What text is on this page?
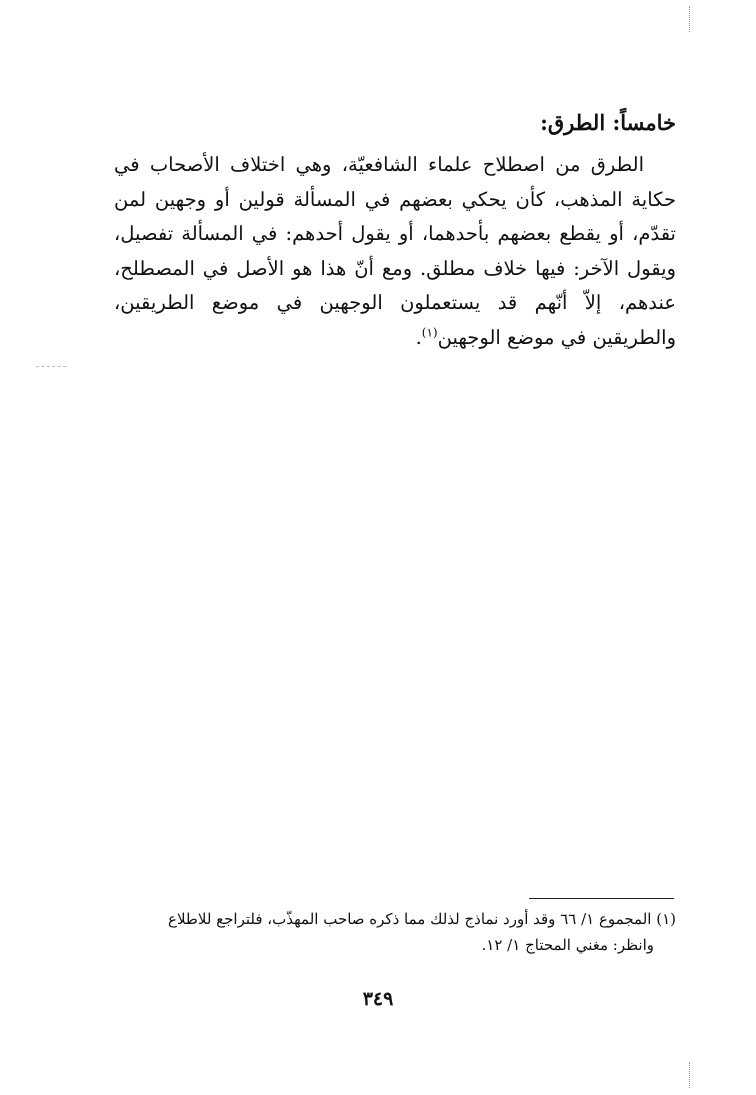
خامساً: الطرق:
الطرق من اصطلاح علماء الشافعيّة، وهي اختلاف الأصحاب في حكاية المذهب، كأن يحكي بعضهم في المسألة قولين أو وجهين لمن تقدّم، أو يقطع بعضهم بأحدهما، أو يقول أحدهم: في المسألة تفصيل، ويقول الآخر: فيها خلاف مطلق. ومع أنّ هذا هو الأصل في المصطلح، عندهم، إلاّ أنّهم قد يستعملون الوجهين في موضع الطريقين، والطريقين في موضع الوجهين$^{(١)}$.
(١) المجموع ١/ ٦٦ وقد أورد نماذج لذلك مما ذكره صاحب المهذّب، فلتراجع للاطلاع
وانظر: مغني المحتاج ١/ ١٢.
٣٤٩
